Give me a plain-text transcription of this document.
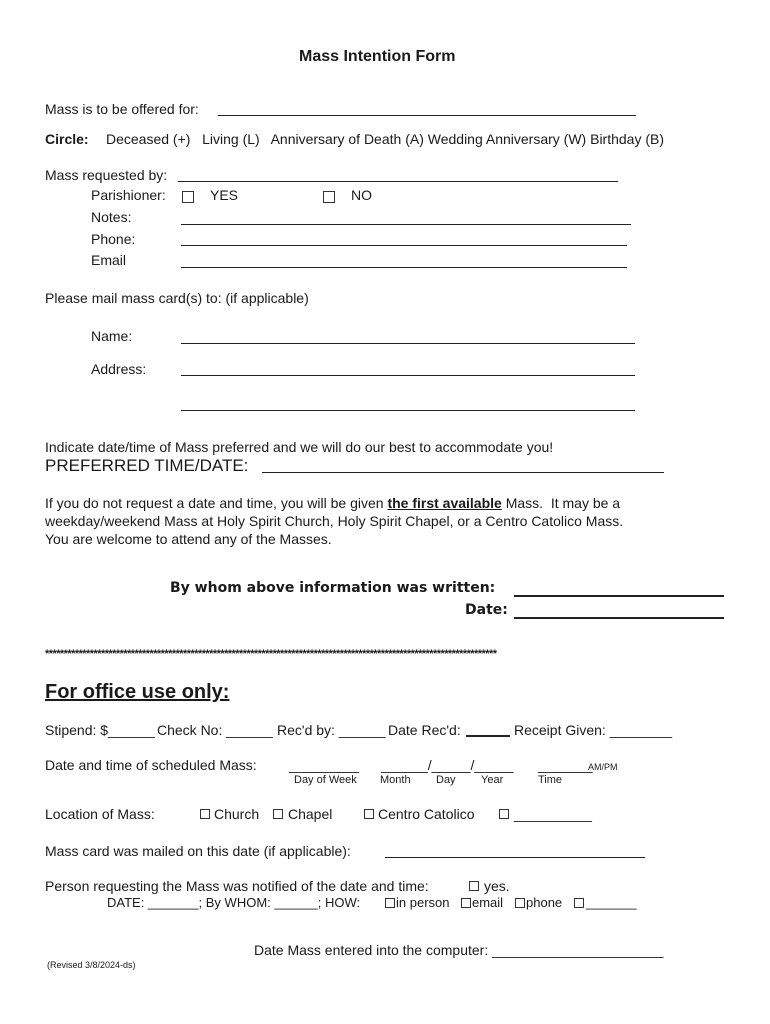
Mass Intention Form
Mass is to be offered for:
Circle: Deceased (+)   Living (L)   Anniversary of Death (A) Wedding Anniversary (W) Birthday (B)
Mass requested by:
Parishioner:	YES	NO
Notes:
Phone:
Email
Please mail mass card(s) to: (if applicable)
Name:
Address:
Indicate date/time of Mass preferred and we will do our best to accommodate you!
PREFERRED TIME/DATE:
If you do not request a date and time, you will be given the first available Mass.  It may be a
weekday/weekend Mass at Holy Spirit Church, Holy Spirit Chapel, or a Centro Catolico Mass.
You are welcome to attend any of the Masses.
By whom above information was written:
Date:
*************************************************************************************************************************
For office use only:
Stipend: $______ Check No: ______ Rec'd by: ______ Date Rec'd:	Receipt Given: ________
Date and time of scheduled Mass: _________ ______/_____/_____ _______
AM/PM
Day of Week Month Day Year	Time
Location of Mass:	Church Chapel	Centro Catolico	__________
Mass card was mailed on this date (if applicable):
Person requesting the Mass was notified of the date and time:	yes.
DATE: _______; By WHOM: ______; HOW:	in person email phone _______
Date Mass entered into the computer: ______________________
(Revised 3/8/2024-ds)
